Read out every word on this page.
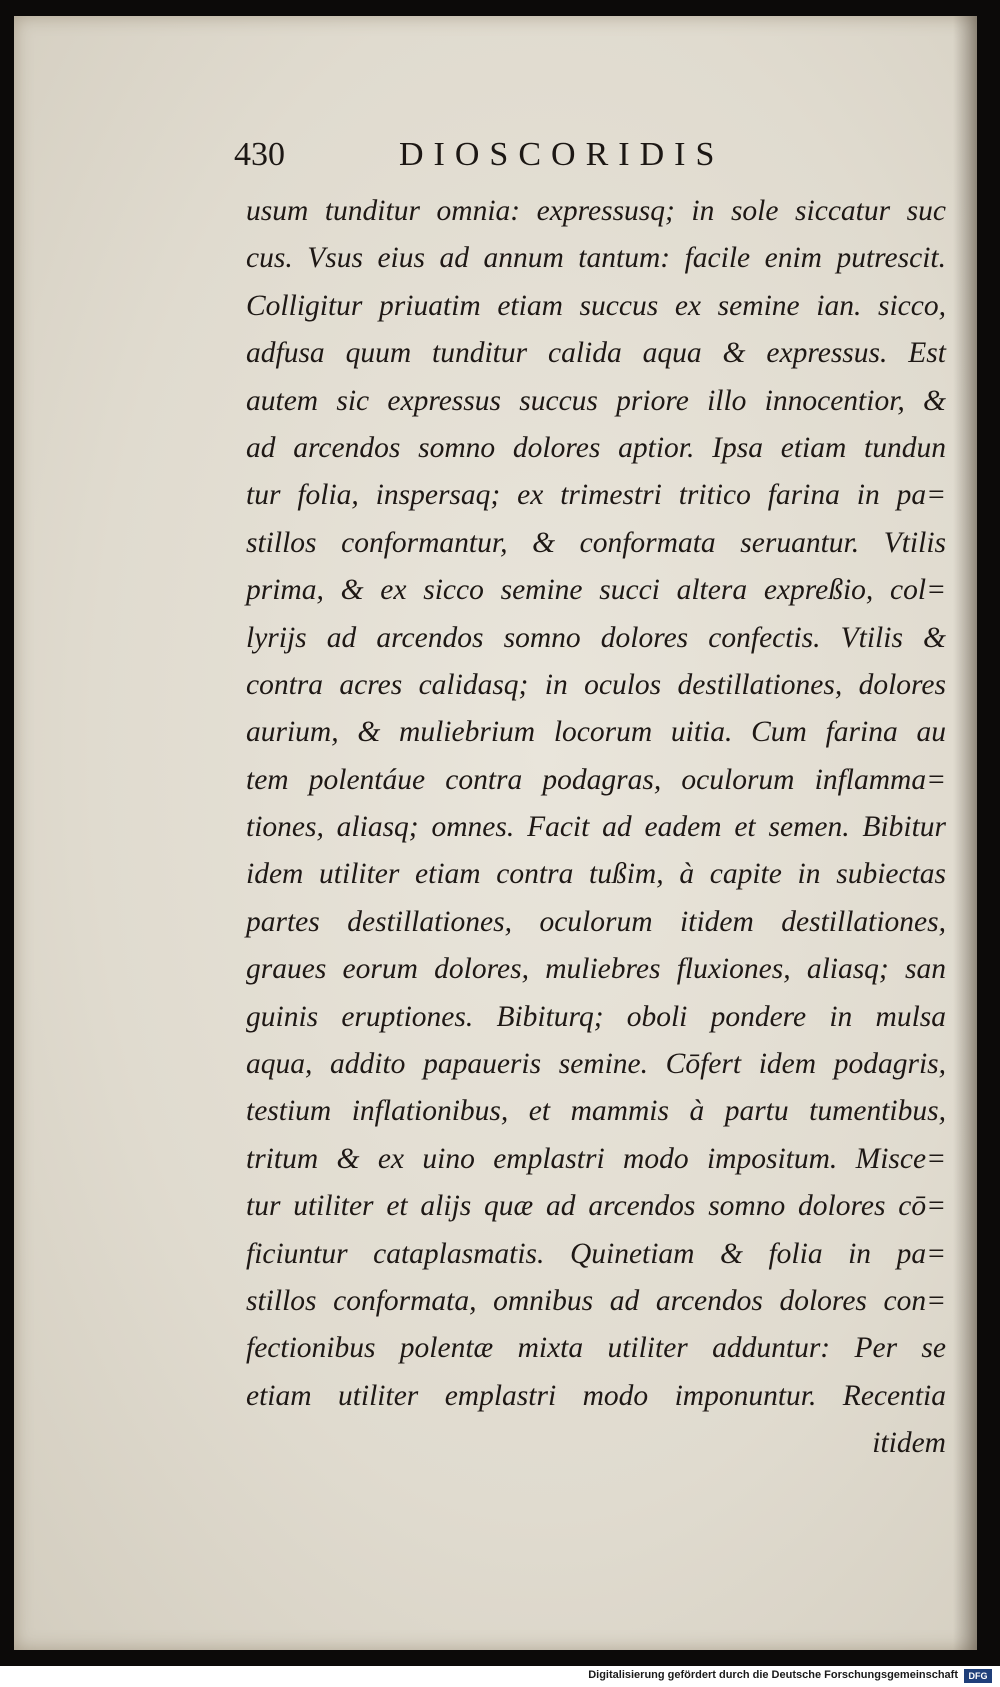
430	DIOSCORIDIS
usum tunditur omnia: expressusq; in sole siccatur suc
cus. Vsus eius ad annum tantum: facile enim putrescit.
Colligitur priuatim etiam succus ex semine ian. sicco,
adfusa quum tunditur calida aqua & expressus. Est
autem sic expressus succus priore illo innocentior, &
ad arcendos somno dolores aptior. Ipsa etiam tundun
tur folia, inspersaq; ex trimestri tritico farina in pa=
stillos conformantur, & conformata seruantur. Vtilis
prima, & ex sicco semine succi altera expreßio, col=
lyrijs ad arcendos somno dolores confectis. Vtilis &
contra acres calidasq; in oculos destillationes, dolores
aurium, & muliebrium locorum uitia. Cum farina au
tem polentáue contra podagras, oculorum inflamma=
tiones, aliasq; omnes. Facit ad eadem et semen. Bibitur
idem utiliter etiam contra tußim, à capite in subiectas
partes destillationes, oculorum itidem destillationes,
graues eorum dolores, muliebres fluxiones, aliasq; san
guinis eruptiones. Bibiturq; oboli pondere in mulsa
aqua, addito papaueris semine. Cōfert idem podagris,
testium inflationibus, et mammis à partu tumentibus,
tritum & ex uino emplastri modo impositum. Misce=
tur utiliter et alijs quæ ad arcendos somno dolores cō=
ficiuntur cataplasmatis. Quinetiam & folia in pa=
stillos conformata, omnibus ad arcendos dolores con=
fectionibus polentæ mixta utiliter adduntur: Per se
etiam utiliter emplastri modo imponuntur. Recentia
itidem
Digitalisierung gefördert durch die Deutsche Forschungsgemeinschaft	DFG
